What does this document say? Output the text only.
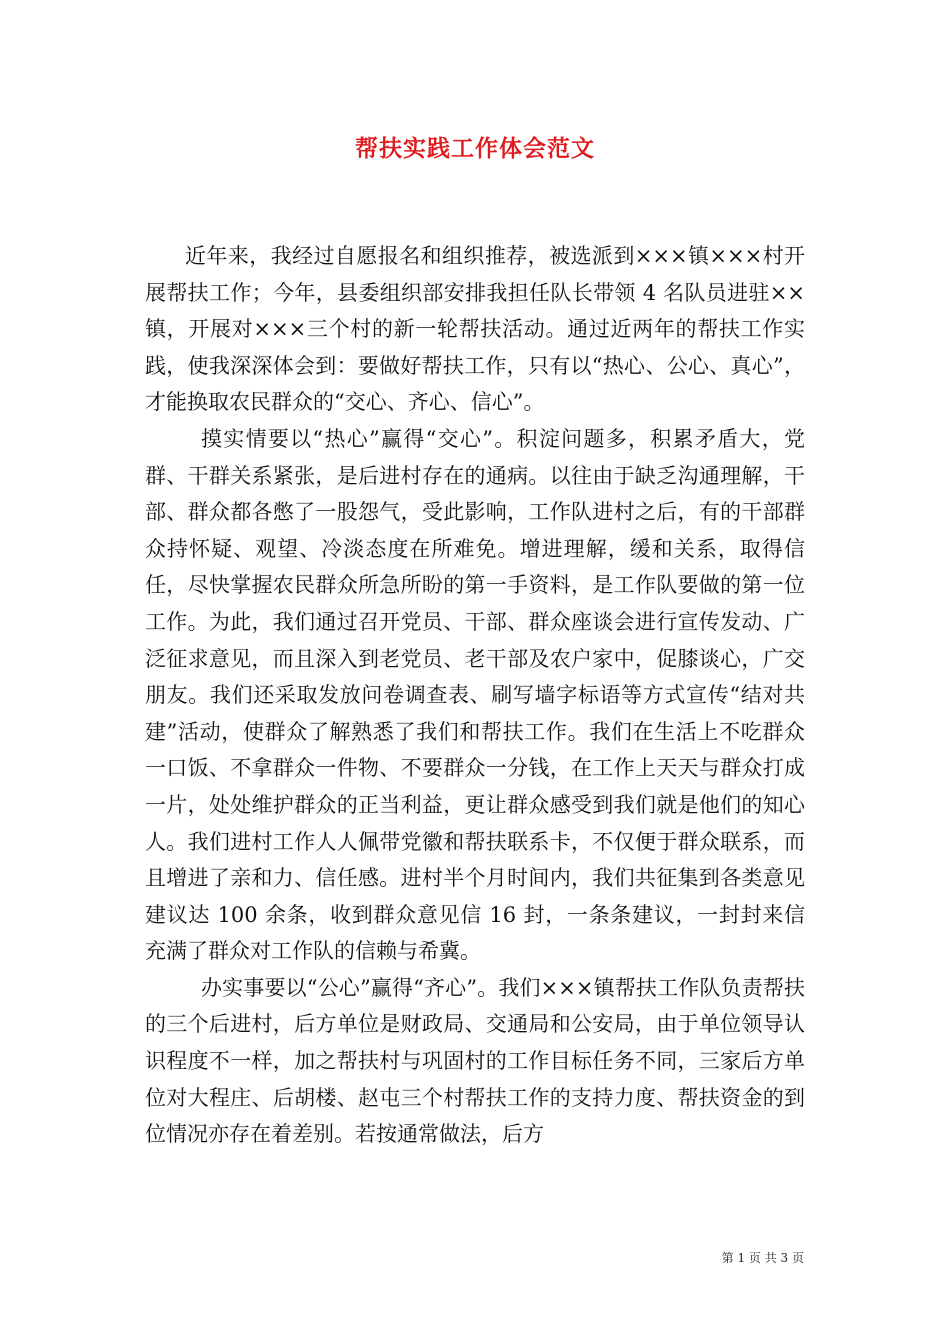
帮扶实践工作体会范文

近年来，我经过自愿报名和组织推荐，被选派到×××镇×××村开展帮扶工作；今年，县委组织部安排我担任队长带领 4 名队员进驻××镇，开展对×××三个村的新一轮帮扶活动。通过近两年的帮扶工作实践，使我深深体会到：要做好帮扶工作，只有以“热心、公心、真心”，才能换取农民群众的“交心、齐心、信心”。

摸实情要以“热心”赢得“交心”。积淀问题多，积累矛盾大，党群、干群关系紧张，是后进村存在的通病。以往由于缺乏沟通理解，干部、群众都各憋了一股怨气，受此影响，工作队进村之后，有的干部群众持怀疑、观望、冷淡态度在所难免。增进理解，缓和关系，取得信任，尽快掌握农民群众所急所盼的第一手资料，是工作队要做的第一位工作。为此，我们通过召开党员、干部、群众座谈会进行宣传发动、广泛征求意见，而且深入到老党员、老干部及农户家中，促膝谈心，广交朋友。我们还采取发放问卷调查表、刷写墙字标语等方式宣传“结对共建”活动，使群众了解熟悉了我们和帮扶工作。我们在生活上不吃群众一口饭、不拿群众一件物、不要群众一分钱，在工作上天天与群众打成一片，处处维护群众的正当利益，更让群众感受到我们就是他们的知心人。我们进村工作人人佩带党徽和帮扶联系卡，不仅便于群众联系，而且增进了亲和力、信任感。进村半个月时间内，我们共征集到各类意见建议达 100 余条，收到群众意见信 16 封，一条条建议，一封封来信充满了群众对工作队的信赖与希冀。

办实事要以“公心”赢得“齐心”。我们×××镇帮扶工作队负责帮扶的三个后进村，后方单位是财政局、交通局和公安局，由于单位领导认识程度不一样，加之帮扶村与巩固村的工作目标任务不同，三家后方单位对大程庄、后胡楼、赵屯三个村帮扶工作的支持力度、帮扶资金的到位情况亦存在着差别。若按通常做法，后方

第 1 页 共 3 页
